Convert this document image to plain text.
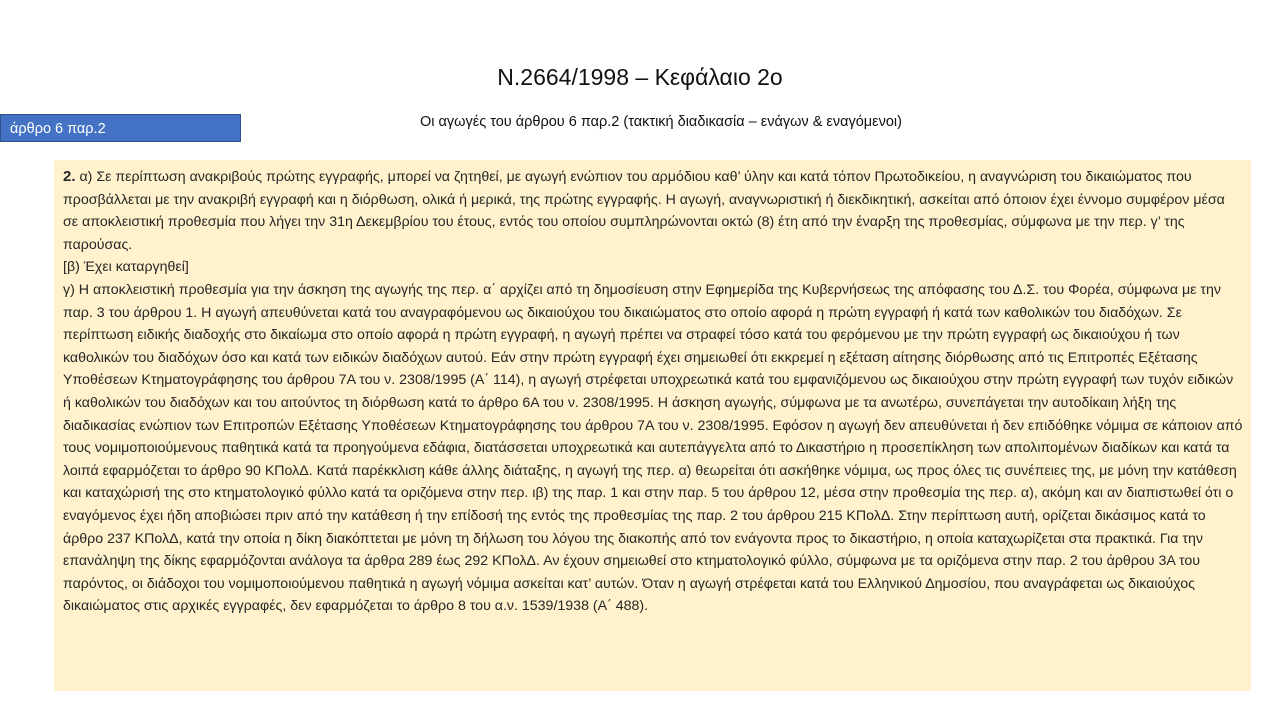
Ν.2664/1998 – Κεφάλαιο 2ο
Οι αγωγές του άρθρου 6 παρ.2 (τακτική διαδικασία – ενάγων & εναγόμενοι)
άρθρο 6 παρ.2

2. α) Σε περίπτωση ανακριβούς πρώτης εγγραφής, μπορεί να ζητηθεί, με αγωγή ενώπιον του αρμόδιου καθ’ ύλην και κατά τόπον Πρωτοδικείου, η αναγνώριση του δικαιώματος που προσβάλλεται με την ανακριβή εγγραφή και η διόρθωση, ολικά ή μερικά, της πρώτης εγγραφής. Η αγωγή, αναγνωριστική ή διεκδικητική, ασκείται από όποιον έχει έννομο συμφέρον μέσα σε αποκλειστική προθεσμία που λήγει την 31η Δεκεμβρίου του έτους, εντός του οποίου συμπληρώνονται οκτώ (8) έτη από την έναρξη της προθεσμίας, σύμφωνα με την περ. γ’ της παρούσας.

[β) Έχει καταργηθεί]

γ) Η αποκλειστική προθεσμία για την άσκηση της αγωγής της περ. α΄ αρχίζει από τη δημοσίευση στην Εφημερίδα της Κυβερνήσεως της απόφασης του Δ.Σ. του Φορέα, σύμφωνα με την παρ. 3 του άρθρου 1. Η αγωγή απευθύνεται κατά του αναγραφόμενου ως δικαιούχου του δικαιώματος στο οποίο αφορά η πρώτη εγγραφή ή κατά των καθολικών του διαδόχων. Σε περίπτωση ειδικής διαδοχής στο δικαίωμα στο οποίο αφορά η πρώτη εγγραφή, η αγωγή πρέπει να στραφεί τόσο κατά του φερόμενου με την πρώτη εγγραφή ως δικαιούχου ή των καθολικών του διαδόχων όσο και κατά των ειδικών διαδόχων αυτού. Εάν στην πρώτη εγγραφή έχει σημειωθεί ότι εκκρεμεί η εξέταση αίτησης διόρθωσης από τις Επιτροπές Εξέτασης Υποθέσεων Κτηματογράφησης του άρθρου 7Α του ν. 2308/1995 (Α΄ 114), η αγωγή στρέφεται υποχρεωτικά κατά του εμφανιζόμενου ως δικαιούχου στην πρώτη εγγραφή των τυχόν ειδικών ή καθολικών του διαδόχων και του αιτούντος τη διόρθωση κατά το άρθρο 6Α του ν. 2308/1995. Η άσκηση αγωγής, σύμφωνα με τα ανωτέρω, συνεπάγεται την αυτοδίκαιη λήξη της διαδικασίας ενώπιον των Επιτροπών Εξέτασης Υποθέσεων Κτηματογράφησης του άρθρου 7Α του ν. 2308/1995. Εφόσον η αγωγή δεν απευθύνεται ή δεν επιδόθηκε νόμιμα σε κάποιον από τους νομιμοποιούμενους παθητικά κατά τα προηγούμενα εδάφια, διατάσσεται υποχρεωτικά και αυτεπάγγελτα από το Δικαστήριο η προσεπίκληση των απολιπομένων διαδίκων και κατά τα λοιπά εφαρμόζεται το άρθρο 90 ΚΠολΔ. Κατά παρέκκλιση κάθε άλλης διάταξης, η αγωγή της περ. α) θεωρείται ότι ασκήθηκε νόμιμα, ως προς όλες τις συνέπειες της, με μόνη την κατάθεση και καταχώρισή της στο κτηματολογικό φύλλο κατά τα οριζόμενα στην περ. ιβ) της παρ. 1 και στην παρ. 5 του άρθρου 12, μέσα στην προθεσμία της περ. α), ακόμη και αν διαπιστωθεί ότι ο εναγόμενος έχει ήδη αποβιώσει πριν από την κατάθεση ή την επίδοσή της εντός της προθεσμίας της παρ. 2 του άρθρου 215 ΚΠολΔ. Στην περίπτωση αυτή, ορίζεται δικάσιμος κατά το άρθρο 237 ΚΠολΔ, κατά την οποία η δίκη διακόπτεται με μόνη τη δήλωση του λόγου της διακοπής από τον ενάγοντα προς το δικαστήριο, η οποία καταχωρίζεται στα πρακτικά. Για την επανάληψη της δίκης εφαρμόζονται ανάλογα τα άρθρα 289 έως 292 ΚΠολΔ. Αν έχουν σημειωθεί στο κτηματολογικό φύλλο, σύμφωνα με τα οριζόμενα στην παρ. 2 του άρθρου 3Α του παρόντος, οι διάδοχοι του νομιμοποιούμενου παθητικά η αγωγή νόμιμα ασκείται κατ’ αυτών. Όταν η αγωγή στρέφεται κατά του Ελληνικού Δημοσίου, που αναγράφεται ως δικαιούχος δικαιώματος στις αρχικές εγγραφές, δεν εφαρμόζεται το άρθρο 8 του α.ν. 1539/1938 (Α΄ 488).
